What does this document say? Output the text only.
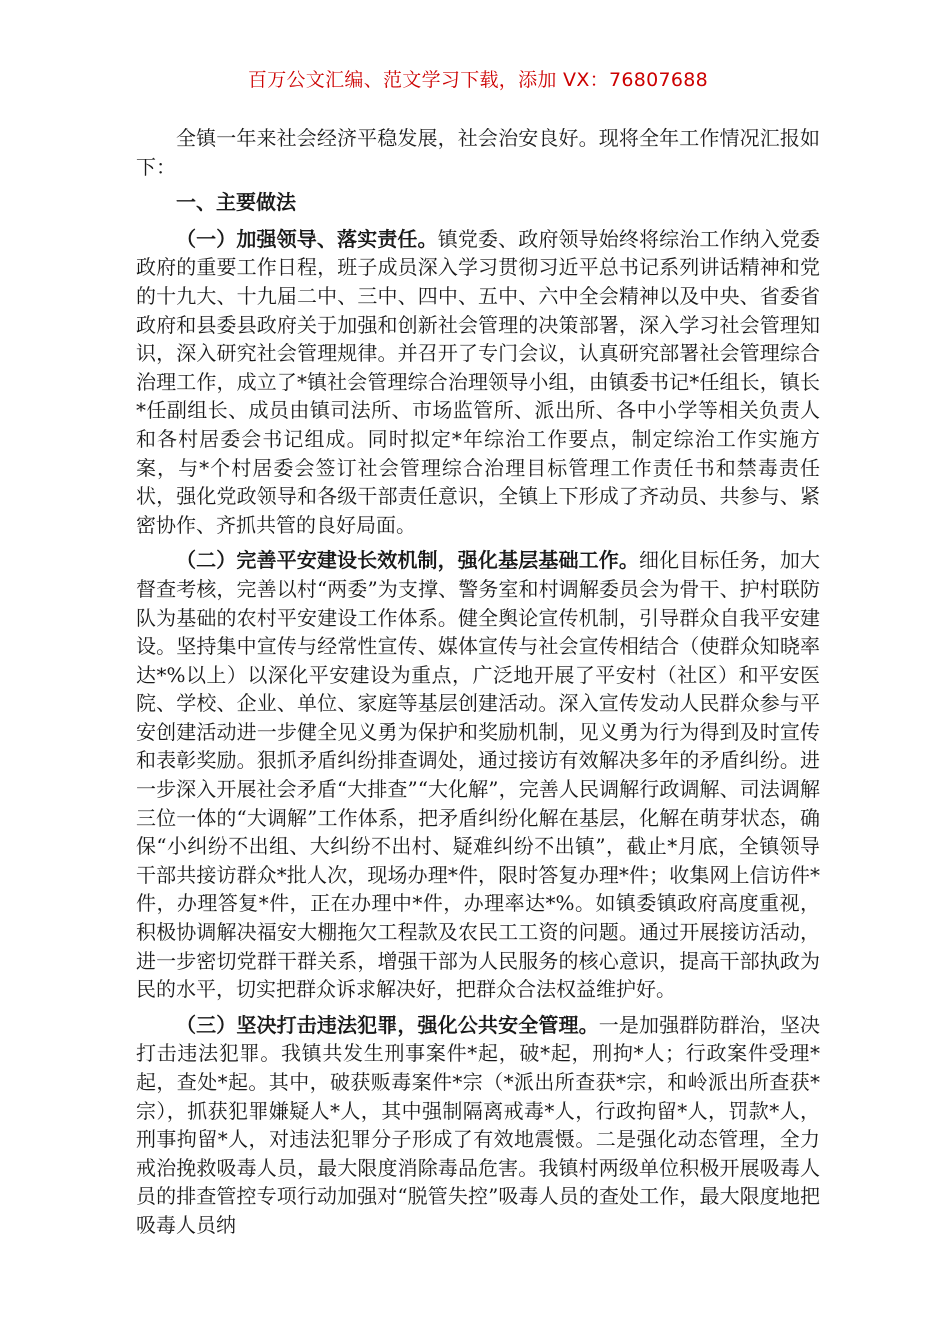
百万公文汇编、范文学习下载，添加 VX：76807688

全镇一年来社会经济平稳发展，社会治安良好。现将全年工作情况汇报如下：

一、主要做法

（一）加强领导、落实责任。镇党委、政府领导始终将综治工作纳入党委政府的重要工作日程，班子成员深入学习贯彻习近平总书记系列讲话精神和党的十九大、十九届二中、三中、四中、五中、六中全会精神以及中央、省委省政府和县委县政府关于加强和创新社会管理的决策部署，深入学习社会管理知识，深入研究社会管理规律。并召开了专门会议，认真研究部署社会管理综合治理工作，成立了*镇社会管理综合治理领导小组，由镇委书记*任组长，镇长*任副组长、成员由镇司法所、市场监管所、派出所、各中小学等相关负责人和各村居委会书记组成。同时拟定*年综治工作要点，制定综治工作实施方案，与*个村居委会签订社会管理综合治理目标管理工作责任书和禁毒责任状，强化党政领导和各级干部责任意识，全镇上下形成了齐动员、共参与、紧密协作、齐抓共管的良好局面。

（二）完善平安建设长效机制，强化基层基础工作。细化目标任务，加大督查考核，完善以村“两委”为支撑、警务室和村调解委员会为骨干、护村联防队为基础的农村平安建设工作体系。健全舆论宣传机制，引导群众自我平安建设。坚持集中宣传与经常性宣传、媒体宣传与社会宣传相结合（使群众知晓率达*%以上）以深化平安建设为重点，广泛地开展了平安村（社区）和平安医院、学校、企业、单位、家庭等基层创建活动。深入宣传发动人民群众参与平安创建活动进一步健全见义勇为保护和奖励机制，见义勇为行为得到及时宣传和表彰奖励。狠抓矛盾纠纷排查调处，通过接访有效解决多年的矛盾纠纷。进一步深入开展社会矛盾“大排查”“大化解”，完善人民调解行政调解、司法调解三位一体的“大调解”工作体系，把矛盾纠纷化解在基层，化解在萌芽状态，确保“小纠纷不出组、大纠纷不出村、疑难纠纷不出镇”，截止*月底，全镇领导干部共接访群众*批人次，现场办理*件，限时答复办理*件；收集网上信访件*件，办理答复*件，正在办理中*件，办理率达*%。如镇委镇政府高度重视，积极协调解决福安大棚拖欠工程款及农民工工资的问题。通过开展接访活动，进一步密切党群干群关系，增强干部为人民服务的核心意识，提高干部执政为民的水平，切实把群众诉求解决好，把群众合法权益维护好。

（三）坚决打击违法犯罪，强化公共安全管理。一是加强群防群治，坚决打击违法犯罪。我镇共发生刑事案件*起，破*起，刑拘*人；行政案件受理*起，查处*起。其中，破获贩毒案件*宗（*派出所查获*宗，和岭派出所查获*宗），抓获犯罪嫌疑人*人，其中强制隔离戒毒*人，行政拘留*人，罚款*人，刑事拘留*人，对违法犯罪分子形成了有效地震慑。二是强化动态管理，全力戒治挽救吸毒人员，最大限度消除毒品危害。我镇村两级单位积极开展吸毒人员的排查管控专项行动加强对“脱管失控”吸毒人员的查处工作，最大限度地把吸毒人员纳
